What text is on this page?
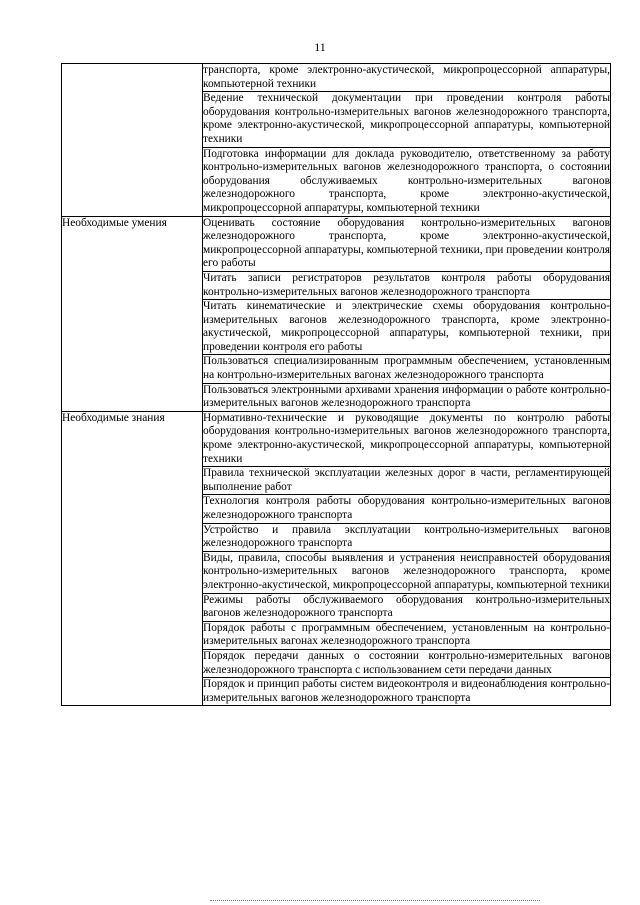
11
	транспорта, кроме электронно-акустической, микропроцессорной аппаратуры, компьютерной техники
	Ведение технической документации при проведении контроля работы оборудования контрольно-измерительных вагонов железнодорожного транспорта, кроме электронно-акустической, микропроцессорной аппаратуры, компьютерной техники
	Подготовка информации для доклада руководителю, ответственному за работу контрольно-измерительных вагонов железнодорожного транспорта, о состоянии оборудования обслуживаемых контрольно-измерительных вагонов железнодорожного транспорта, кроме электронно-акустической, микропроцессорной аппаратуры, компьютерной техники
Необходимые умения	Оценивать состояние оборудования контрольно-измерительных вагонов железнодорожного транспорта, кроме электронно-акустической, микропроцессорной аппаратуры, компьютерной техники, при проведении контроля его работы
	Читать записи регистраторов результатов контроля работы оборудования контрольно-измерительных вагонов железнодорожного транспорта
	Читать кинематические и электрические схемы оборудования контрольно-измерительных вагонов железнодорожного транспорта, кроме электронно-акустической, микропроцессорной аппаратуры, компьютерной техники, при проведении контроля его работы
	Пользоваться специализированным программным обеспечением, установленным на контрольно-измерительных вагонах железнодорожного транспорта
	Пользоваться электронными архивами хранения информации о работе контрольно-измерительных вагонов железнодорожного транспорта
Необходимые знания	Нормативно-технические и руководящие документы по контролю работы оборудования контрольно-измерительных вагонов железнодорожного транспорта, кроме электронно-акустической, микропроцессорной аппаратуры, компьютерной техники
	Правила технической эксплуатации железных дорог в части, регламентирующей выполнение работ
	Технология контроля работы оборудования контрольно-измерительных вагонов железнодорожного транспорта
	Устройство и правила эксплуатации контрольно-измерительных вагонов железнодорожного транспорта
	Виды, правила, способы выявления и устранения неисправностей оборудования контрольно-измерительных вагонов железнодорожного транспорта, кроме электронно-акустической, микропроцессорной аппаратуры, компьютерной техники
	Режимы работы обслуживаемого оборудования контрольно-измерительных вагонов железнодорожного транспорта
	Порядок работы с программным обеспечением, установленным на контрольно-измерительных вагонах железнодорожного транспорта
	Порядок передачи данных о состоянии контрольно-измерительных вагонов железнодорожного транспорта с использованием сети передачи данных
	Порядок и принцип работы систем видеоконтроля и видеонаблюдения контрольно-измерительных вагонов железнодорожного транспорта
